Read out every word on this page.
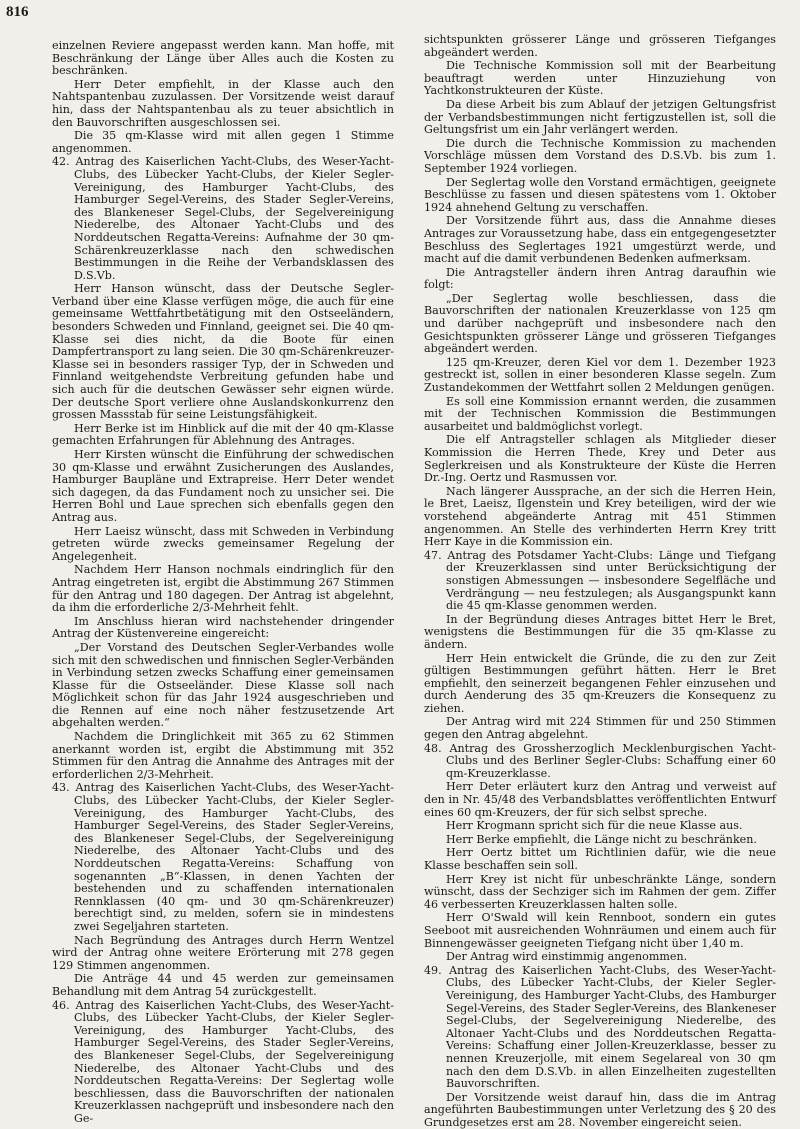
816

einzelnen Reviere angepasst werden kann. Man hoffe, mit Beschränkung der Länge über Alles auch die Kosten zu beschränken.

Herr Deter empfiehlt, in der Klasse auch den Nahtspantenbau zuzulassen. Der Vorsitzende weist darauf hin, dass der Nahtspantenbau als zu teuer absichtlich in den Bauvorschriften ausgeschlossen sei.

Die 35 qm-Klasse wird mit allen gegen 1 Stimme angenommen.

42. Antrag des Kaiserlichen Yacht-Clubs, des Weser-Yacht-Clubs, des Lübecker Yacht-Clubs, der Kieler Segler-Vereinigung, des Hamburger Yacht-Clubs, des Hamburger Segel-Vereins, des Stader Segler-Vereins, des Blankeneser Segel-Clubs, der Segelvereinigung Niederelbe, des Altonaer Yacht-Clubs und des Norddeutschen Regatta-Vereins: Aufnahme der 30 qm-Schärenkreuzerklasse nach den schwedischen Bestimmungen in die Reihe der Verbandsklassen des D.S.Vb.

Herr Hanson wünscht, dass der Deutsche Segler-Verband über eine Klasse verfügen möge, die auch für eine gemeinsame Wettfahrtbetätigung mit den Ostseeländern, besonders Schweden und Finnland, geeignet sei. Die 40 qm-Klasse sei dies nicht, da die Boote für einen Dampfertransport zu lang seien. Die 30 qm-Schärenkreuzer-Klasse sei in besonders rassiger Typ, der in Schweden und Finnland weitgehendste Verbreitung gefunden habe und sich auch für die deutschen Gewässer sehr eignen würde. Der deutsche Sport verliere ohne Auslandskonkurrenz den grossen Massstab für seine Leistungsfähigkeit.

Herr Berke ist im Hinblick auf die mit der 40 qm-Klasse gemachten Erfahrungen für Ablehnung des Antrages.

Herr Kirsten wünscht die Einführung der schwedischen 30 qm-Klasse und erwähnt Zusicherungen des Auslandes, Hamburger Baupläne und Extrapreise. Herr Deter wendet sich dagegen, da das Fundament noch zu unsicher sei. Die Herren Bohl und Laue sprechen sich ebenfalls gegen den Antrag aus.

Herr Laeisz wünscht, dass mit Schweden in Verbindung getreten würde zwecks gemeinsamer Regelung der Angelegenheit.

Nachdem Herr Hanson nochmals eindringlich für den Antrag eingetreten ist, ergibt die Abstimmung 267 Stimmen für den Antrag und 180 dagegen. Der Antrag ist abgelehnt, da ihm die erforderliche 2/3-Mehrheit fehlt.

Im Anschluss hieran wird nachstehender dringender Antrag der Küstenvereine eingereicht:

„Der Vorstand des Deutschen Segler-Verbandes wolle sich mit den schwedischen und finnischen Segler-Verbänden in Verbindung setzen zwecks Schaffung einer gemeinsamen Klasse für die Ostseeländer. Diese Klasse soll nach Möglichkeit schon für das Jahr 1924 ausgeschrieben und die Rennen auf eine noch näher festzusetzende Art abgehalten werden.“

Nachdem die Dringlichkeit mit 365 zu 62 Stimmen anerkannt worden ist, ergibt die Abstimmung mit 352 Stimmen für den Antrag die Annahme des Antrages mit der erforderlichen 2/3-Mehrheit.

43. Antrag des Kaiserlichen Yacht-Clubs, des Weser-Yacht-Clubs, des Lübecker Yacht-Clubs, der Kieler Segler-Vereinigung, des Hamburger Yacht-Clubs, des Hamburger Segel-Vereins, des Stader Segler-Vereins, des Blankeneser Segel-Clubs, der Segelvereinigung Niederelbe, des Altonaer Yacht-Clubs und des Norddeutschen Regatta-Vereins: Schaffung von sogenannten „B“-Klassen, in denen Yachten der bestehenden und zu schaffenden internationalen Rennklassen (40 qm- und 30 qm-Schärenkreuzer) berechtigt sind, zu melden, sofern sie in mindestens zwei Segeljahren starteten.

Nach Begründung des Antrages durch Herrn Wentzel wird der Antrag ohne weitere Erörterung mit 278 gegen 129 Stimmen angenommen.

Die Anträge 44 und 45 werden zur gemeinsamen Behandlung mit dem Antrag 54 zurückgestellt.

46. Antrag des Kaiserlichen Yacht-Clubs, des Weser-Yacht-Clubs, des Lübecker Yacht-Clubs, der Kieler Segler-Vereinigung, des Hamburger Yacht-Clubs, des Hamburger Segel-Vereins, des Stader Segler-Vereins, des Blankeneser Segel-Clubs, der Segelvereinigung Niederelbe, des Altonaer Yacht-Clubs und des Norddeutschen Regatta-Vereins: Der Seglertag wolle beschliessen, dass die Bauvorschriften der nationalen Kreuzerklassen nachgeprüft und insbesondere nach den Ge-

sichtspunkten grösserer Länge und grösseren Tiefganges abgeändert werden.

Die Technische Kommission soll mit der Bearbeitung beauftragt werden unter Hinzuziehung von Yachtkonstrukteuren der Küste.

Da diese Arbeit bis zum Ablauf der jetzigen Geltungsfrist der Verbandsbestimmungen nicht fertigzustellen ist, soll die Geltungsfrist um ein Jahr verlängert werden.

Die durch die Technische Kommission zu machenden Vorschläge müssen dem Vorstand des D.S.Vb. bis zum 1. September 1924 vorliegen.

Der Seglertag wolle den Vorstand ermächtigen, geeignete Beschlüsse zu fassen und diesen spätestens vom 1. Oktober 1924 ahnehend Geltung zu verschaffen.

Der Vorsitzende führt aus, dass die Annahme dieses Antrages zur Voraussetzung habe, dass ein entgegengesetzter Beschluss des Seglertages 1921 umgestürzt werde, und macht auf die damit verbundenen Bedenken aufmerksam.

Die Antragsteller ändern ihren Antrag daraufhin wie folgt:

„Der Seglertag wolle beschliessen, dass die Bauvorschriften der nationalen Kreuzerklasse von 125 qm und darüber nachgeprüft und insbesondere nach den Gesichtspunkten grösserer Länge und grösseren Tiefganges abgeändert werden.

125 qm-Kreuzer, deren Kiel vor dem 1. Dezember 1923 gestreckt ist, sollen in einer besonderen Klasse segeln. Zum Zustandekommen der Wettfahrt sollen 2 Meldungen genügen.

Es soll eine Kommission ernannt werden, die zusammen mit der Technischen Kommission die Bestimmungen ausarbeitet und baldmöglichst vorlegt.

Die elf Antragsteller schlagen als Mitglieder dieser Kommission die Herren Thede, Krey und Deter aus Seglerkreisen und als Konstrukteure der Küste die Herren Dr.-Ing. Oertz und Rasmussen vor.

Nach längerer Aussprache, an der sich die Herren Hein, le Bret, Laeisz, Ilgenstein und Krey beteiligen, wird der wie vorstehend abgeänderte Antrag mit 451 Stimmen angenommen. An Stelle des verhinderten Herrn Krey tritt Herr Kaye in die Kommission ein.

47. Antrag des Potsdamer Yacht-Clubs: Länge und Tiefgang der Kreuzerklassen sind unter Berücksichtigung der sonstigen Abmessungen — insbesondere Segelfläche und Verdrängung — neu festzulegen; als Ausgangspunkt kann die 45 qm-Klasse genommen werden.

In der Begründung dieses Antrages bittet Herr le Bret, wenigstens die Bestimmungen für die 35 qm-Klasse zu ändern.

Herr Hein entwickelt die Gründe, die zu den zur Zeit gültigen Bestimmungen geführt hätten. Herr le Bret empfiehlt, den seinerzeit begangenen Fehler einzusehen und durch Aenderung des 35 qm-Kreuzers die Konsequenz zu ziehen.

Der Antrag wird mit 224 Stimmen für und 250 Stimmen gegen den Antrag abgelehnt.

48. Antrag des Grossherzoglich Mecklenburgischen Yacht-Clubs und des Berliner Segler-Clubs: Schaffung einer 60 qm-Kreuzerklasse.

Herr Deter erläutert kurz den Antrag und verweist auf den in Nr. 45/48 des Verbandsblattes veröffentlichten Entwurf eines 60 qm-Kreuzers, der für sich selbst spreche.

Herr Krogmann spricht sich für die neue Klasse aus.

Herr Berke empfiehlt, die Länge nicht zu beschränken.

Herr Oertz bittet um Richtlinien dafür, wie die neue Klasse beschaffen sein soll.

Herr Krey ist nicht für unbeschränkte Länge, sondern wünscht, dass der Sechziger sich im Rahmen der gem. Ziffer 46 verbesserten Kreuzerklassen halten solle.

Herr O'Swald will kein Rennboot, sondern ein gutes Seeboot mit ausreichenden Wohnräumen und einem auch für Binnengewässer geeigneten Tiefgang nicht über 1,40 m.

Der Antrag wird einstimmig angenommen.

49. Antrag des Kaiserlichen Yacht-Clubs, des Weser-Yacht-Clubs, des Lübecker Yacht-Clubs, der Kieler Segler-Vereinigung, des Hamburger Yacht-Clubs, des Hamburger Segel-Vereins, des Stader Segler-Vereins, des Blankeneser Segel-Clubs, der Segelvereinigung Niederelbe, des Altonaer Yacht-Clubs und des Norddeutschen Regatta-Vereins: Schaffung einer Jollen-Kreuzerklasse, besser zu nennen Kreuzerjolle, mit einem Segelareal von 30 qm nach den dem D.S.Vb. in allen Einzelheiten zugestellten Bauvorschriften.

Der Vorsitzende weist darauf hin, dass die im Antrag angeführten Baubestimmungen unter Verletzung des § 20 des Grundgesetzes erst am 28. November eingereicht seien.
